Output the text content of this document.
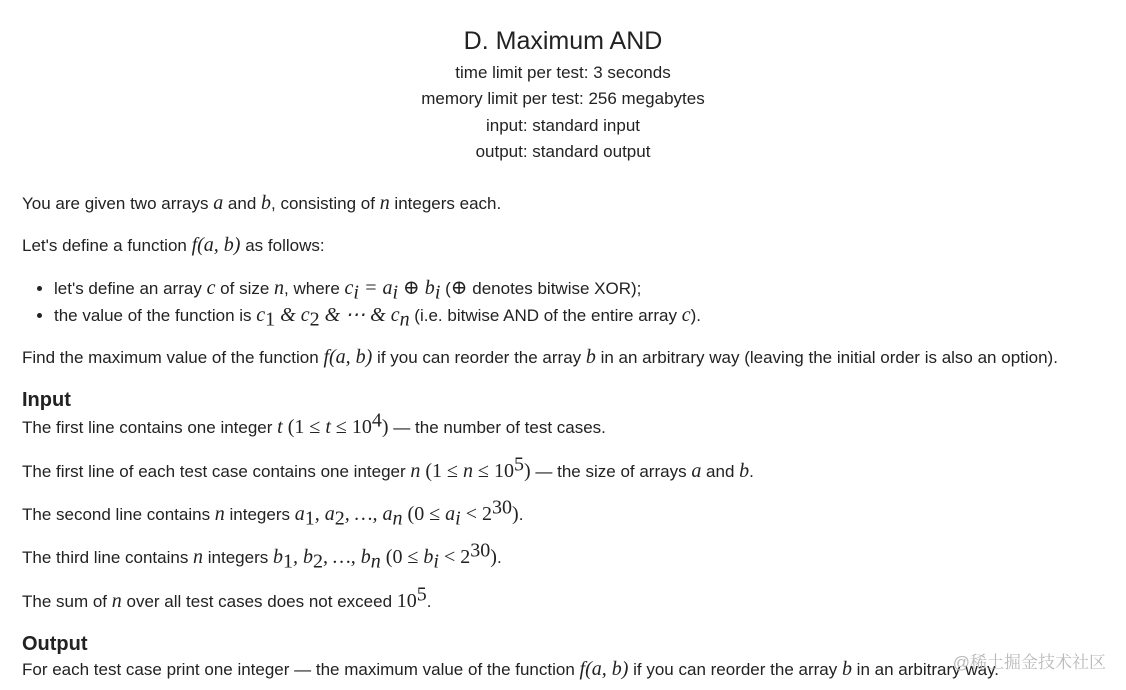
D. Maximum AND
time limit per test: 3 seconds
memory limit per test: 256 megabytes
input: standard input
output: standard output

You are given two arrays a and b, consisting of n integers each.

Let's define a function f(a, b) as follows:

• let's define an array c of size n, where $c_i = a_i$ ⊕ $b_i$ (⊕ denotes bitwise XOR);
• the value of the function is $c_1$ & $c_2$ & ⋯ & $c_n$ (i.e. bitwise AND of the entire array c).

Find the maximum value of the function f(a, b) if you can reorder the array b in an arbitrary way (leaving the initial order is also an option).

Input

The first line contains one integer t $(1 \le t \le 10^4)$ — the number of test cases.

The first line of each test case contains one integer n $(1 \le n \le 10^5)$ — the size of arrays a and b.

The second line contains n integers $a_1$, $a_2$, …, $a_n$ $(0 \le a_i < 2^{30})$.

The third line contains n integers $b_1$, $b_2$, …, $b_n$ $(0 \le b_i < 2^{30})$.

The sum of n over all test cases does not exceed $10^5$.

Output

For each test case print one integer — the maximum value of the function f(a, b) if you can reorder the array b in an arbitrary way.

@稀土掘金技术社区
